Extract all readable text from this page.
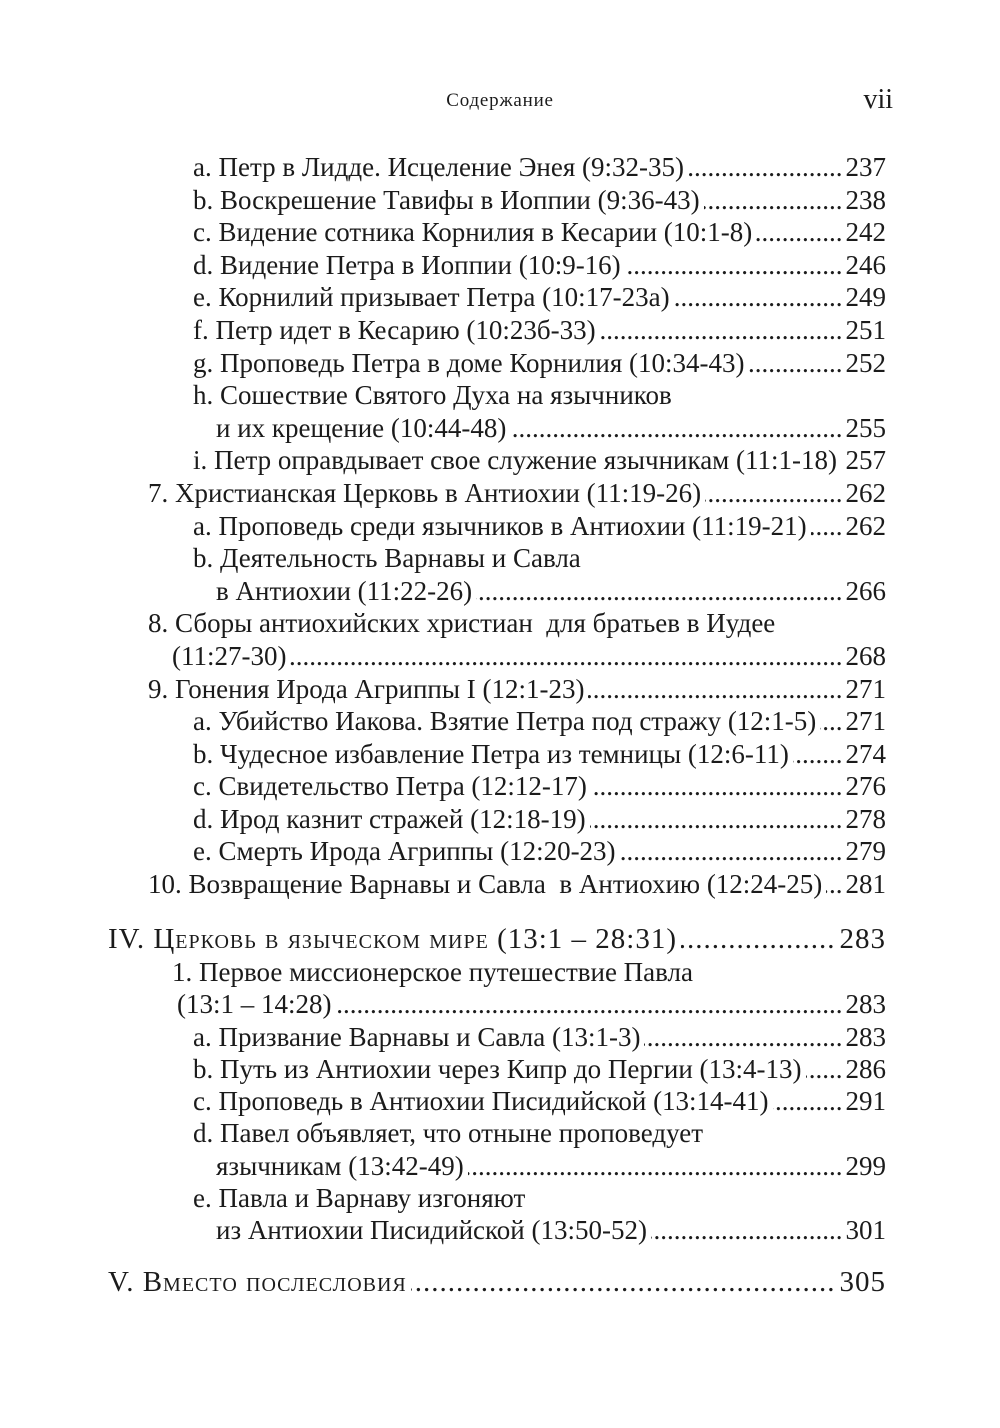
Содержание	vii
a. Петр в Лидде. Исцеление Энея (9:32-35) .....	237
b. Воскрешение Тавифы в Иоппии (9:36-43) .....	238
c. Видение сотника Корнилия в Кесарии (10:1-8) .....	242
d. Видение Петра в Иоппии (10:9-16) .....	246
e. Корнилий призывает Петра (10:17-23а) .....	249
f. Петр идет в Кесарию (10:23б-33) .....	251
g. Проповедь Петра в доме Корнилия (10:34-43) .....	252
h. Сошествие Святого Духа на язычников
и их крещение (10:44-48) .....	255
i. Петр оправдывает свое служение язычникам (11:1-18) ..... 257
7. Христианская Церковь в Антиохии (11:19-26) .....	262
a. Проповедь среди язычников в Антиохии (11:19-21) ..... 262
b. Деятельность Варнавы и Савла
в Антиохии (11:22-26) .....	266
8. Сборы антиохийских христиан  для братьев в Иудее
(11:27-30) .....	268
9. Гонения Ирода Агриппы I (12:1-23) .....	271
a. Убийство Иакова. Взятие Петра под стражу (12:1-5) ..... 271
b. Чудесное избавление Петра из темницы (12:6-11) ..... 274
c. Свидетельство Петра (12:12-17) .....	276
d. Ирод казнит стражей (12:18-19) .....	278
e. Смерть Ирода Агриппы (12:20-23) .....	279
10. Возвращение Варнавы и Савла  в Антиохию (12:24-25) ..... 281
IV. Церковь в языческом мире (13:1 – 28:31) .....	283
1. Первое миссионерское путешествие Павла
(13:1 – 14:28) .....	283
a. Призвание Варнавы и Савла (13:1-3) .....	283
b. Путь из Антиохии через Кипр до Пергии (13:4-13) ..... 286
c. Проповедь в Антиохии Писидийской (13:14-41) .....	291
d. Павел объявляет, что отныне проповедует
язычникам (13:42-49) .....	299
e. Павла и Варнаву изгоняют
из Антиохии Писидийской (13:50-52) .....	301
V. Вместо послесловия .....	305
